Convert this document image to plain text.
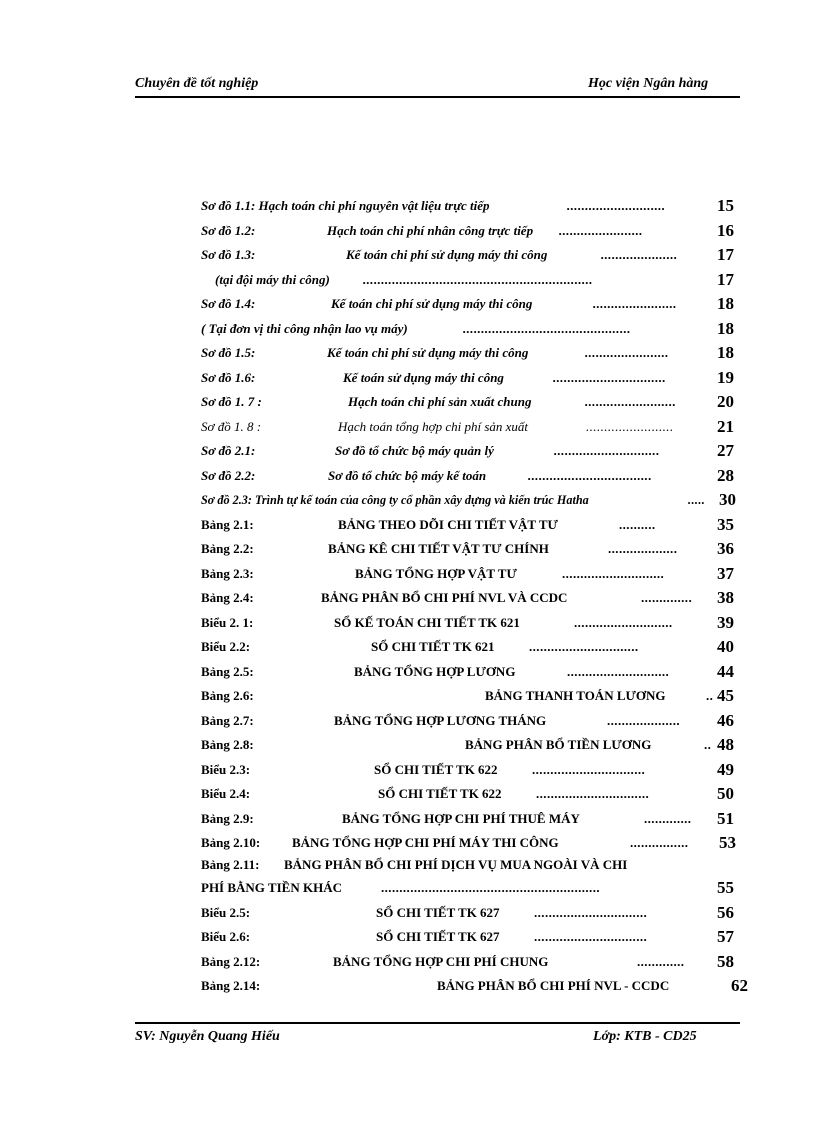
Chuyên đề tốt nghiệp	Học viện Ngân hàng
Sơ đồ 1.1: Hạch toán chi phí nguyên vật liệu trực tiếp	...........................	15
Sơ đồ 1.2:	Hạch toán chi phí nhân công trực tiếp .......................	16
Sơ đồ 1.3:	Kế toán chi phí sử dụng máy thi công	..................... 17
(tại đội máy thi công)	...............................................................	17
Sơ đồ 1.4:	Kế toán chi phí sử dụng máy thi công	....................... 18
( Tại đơn vị thi công nhận lao vụ máy)	..............................................	18
Sơ đồ 1.5:	Kế toán chi phí sử dụng máy thi công	.......................	18
Sơ đồ 1.6:	Kế toán sử dụng máy thi công	...............................	19
Sơ đồ 1. 7 :	Hạch toán chi phí sản xuất chung	......................... 20
Sơ đồ 1. 8 :	Hạch toán tổng hợp chi phí sản xuất	........................	21
Sơ đồ 2.1:	Sơ đồ tổ chức bộ máy quản lý	.............................	27
Sơ đồ 2.2:	Sơ đồ tổ chức bộ máy kế toán	..................................	28
Sơ đồ 2.3: Trình tự kế toán của công ty cổ phần xây dựng và kiến trúc Hatha	..... 30
Bảng 2.1:	BẢNG THEO DÕI CHI TIẾT VẬT TƯ	..........	35
Bảng 2.2:	BẢNG KÊ CHI TIẾT VẬT TƯ CHÍNH	................... 36
Bảng 2.3:	BẢNG TỔNG HỢP VẬT TƯ	............................	37
Bảng 2.4:	BẢNG PHÂN BỔ CHI PHÍ NVL VÀ CCDC	.............. 38
Biểu 2. 1:	SỔ KẾ TOÁN CHI TIẾT TK 621	...........................	39
Biểu 2.2:	SỔ CHI TIẾT TK 621	..............................	40
Bảng 2.5:	BẢNG TỔNG HỢP LƯƠNG	............................	44
Bảng 2.6:	BẢNG THANH TOÁN LƯƠNG	.. 45
Bảng 2.7:	BẢNG TỔNG HỢP LƯƠNG THÁNG	.................... 46
Bảng 2.8:	BẢNG PHÂN BỔ TIỀN LƯƠNG	.. 48
Biểu 2.3:	SỔ CHI TIẾT TK 622	...............................	49
Biểu 2.4:	SỔ CHI TIẾT TK 622	...............................	50
Bảng 2.9:	BẢNG TỔNG HỢP CHI PHÍ THUÊ MÁY	............. 51
Bảng 2.10: BẢNG TỔNG HỢP CHI PHÍ MÁY THI CÔNG	................ 53
Bảng 2.11: BẢNG PHÂN BỔ CHI PHÍ DỊCH VỤ MUA NGOÀI VÀ CHI
PHÍ BẰNG TIỀN KHÁC	............................................................	55
Biểu 2.5:	SỔ CHI TIẾT TK 627	...............................	56
Biểu 2.6:	SỔ CHI TIẾT TK 627	...............................	57
Bảng 2.12:	BẢNG TỔNG HỢP CHI PHÍ CHUNG	............. 58
Bảng 2.14:	BẢNG PHÂN BỔ CHI PHÍ NVL - CCDC	62
SV: Nguyễn Quang Hiếu	Lớp: KTB - CD25
